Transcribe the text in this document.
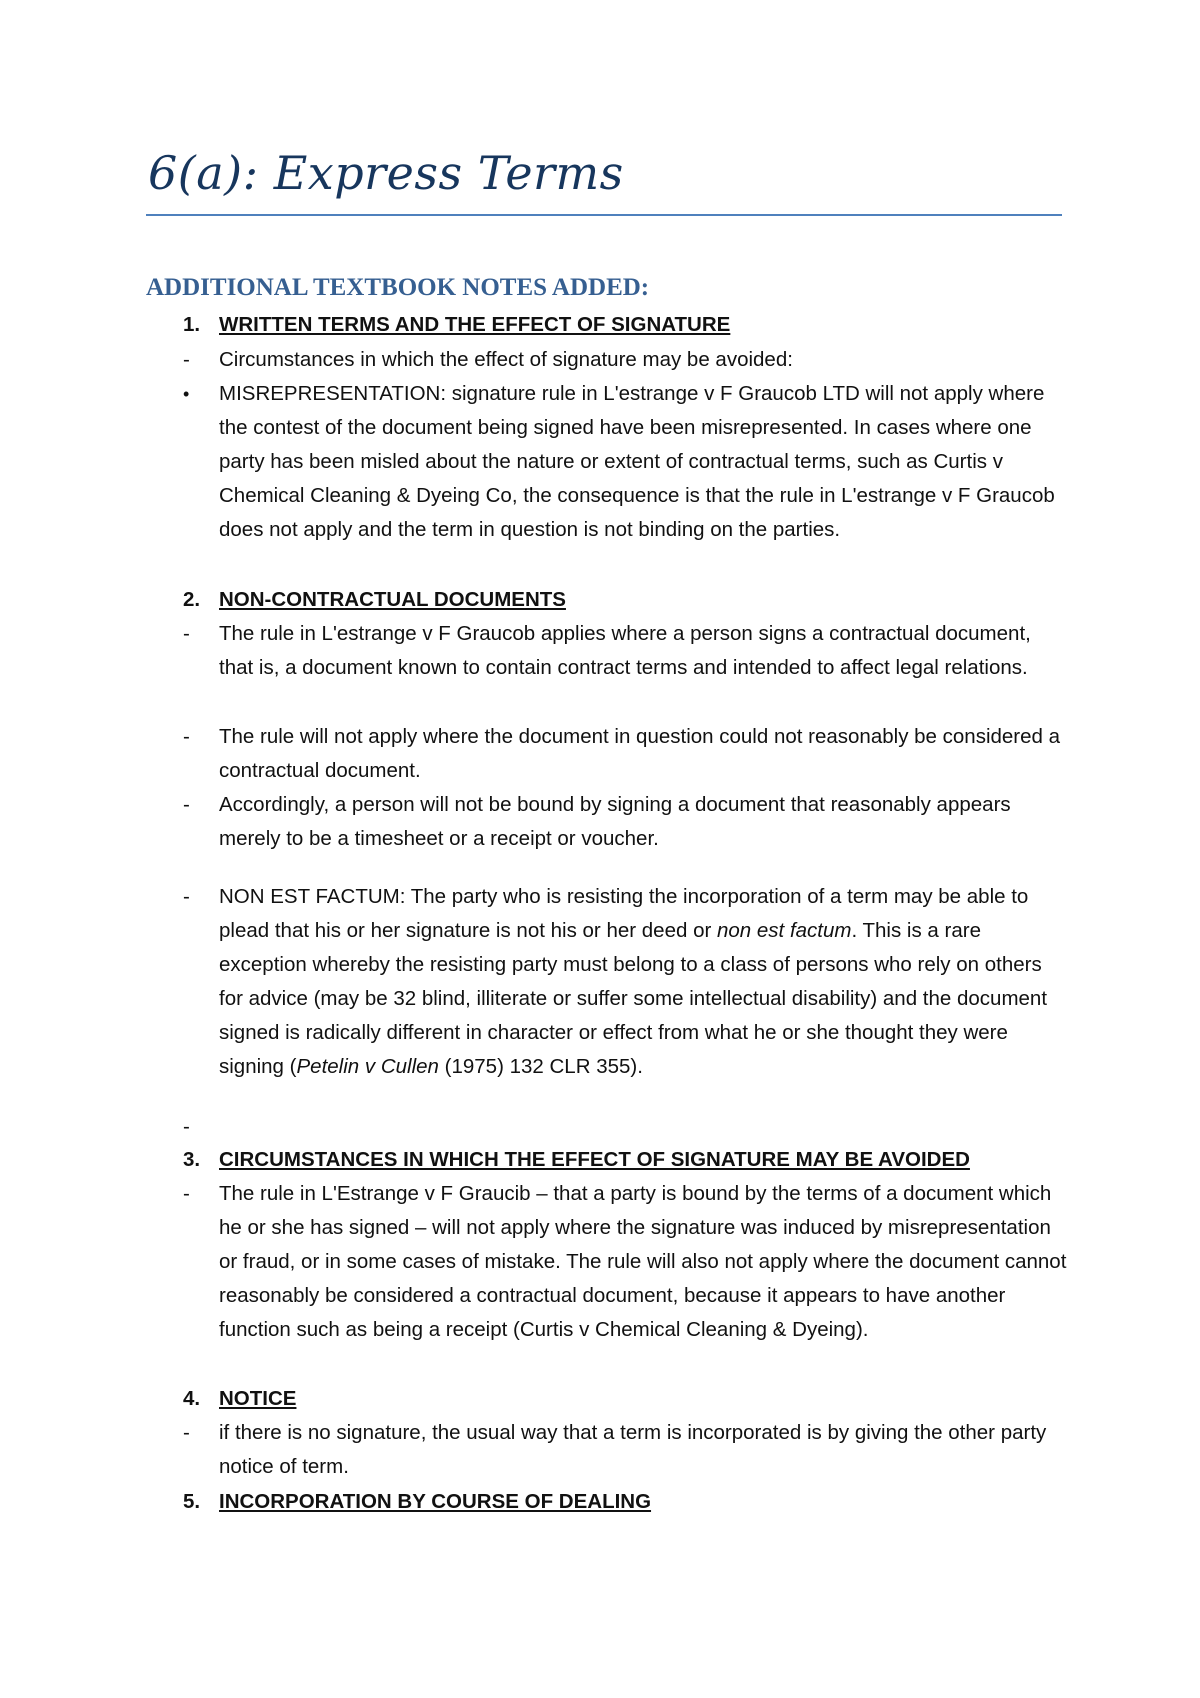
6(a): Express Terms
ADDITIONAL TEXTBOOK NOTES ADDED:
1. WRITTEN TERMS AND THE EFFECT OF SIGNATURE
-	Circumstances in which the effect of signature may be avoided:
•	MISREPRESENTATION: signature rule in L'estrange v F Graucob LTD will not apply where the contest of the document being signed have been misrepresented. In cases where one party has been misled about the nature or extent of contractual terms, such as Curtis v Chemical Cleaning & Dyeing Co, the consequence is that the rule in L'estrange v F Graucob does not apply and the term in question is not binding on the parties.
2. NON-CONTRACTUAL DOCUMENTS
-	The rule in L'estrange v F Graucob applies where a person signs a contractual document, that is, a document known to contain contract terms and intended to affect legal relations.
-	The rule will not apply where the document in question could not reasonably be considered a contractual document.
-	Accordingly, a person will not be bound by signing a document that reasonably appears merely to be a timesheet or a receipt or voucher.
-	NON EST FACTUM: The party who is resisting the incorporation of a term may be able to plead that his or her signature is not his or her deed or non est factum. This is a rare exception whereby the resisting party must belong to a class of persons who rely on others for advice (may be 32 blind, illiterate or suffer some intellectual disability) and the document signed is radically different in character or effect from what he or she thought they were signing (Petelin v Cullen (1975) 132 CLR 355).
-
3. CIRCUMSTANCES IN WHICH THE EFFECT OF SIGNATURE MAY BE AVOIDED
-	The rule in L'Estrange v F Graucib – that a party is bound by the terms of a document which he or she has signed – will not apply where the signature was induced by misrepresentation or fraud, or in some cases of mistake. The rule will also not apply where the document cannot reasonably be considered a contractual document, because it appears to have another function such as being a receipt (Curtis v Chemical Cleaning & Dyeing).
4. NOTICE
-	if there is no signature, the usual way that a term is incorporated is by giving the other party notice of term.
5. INCORPORATION BY COURSE OF DEALING
